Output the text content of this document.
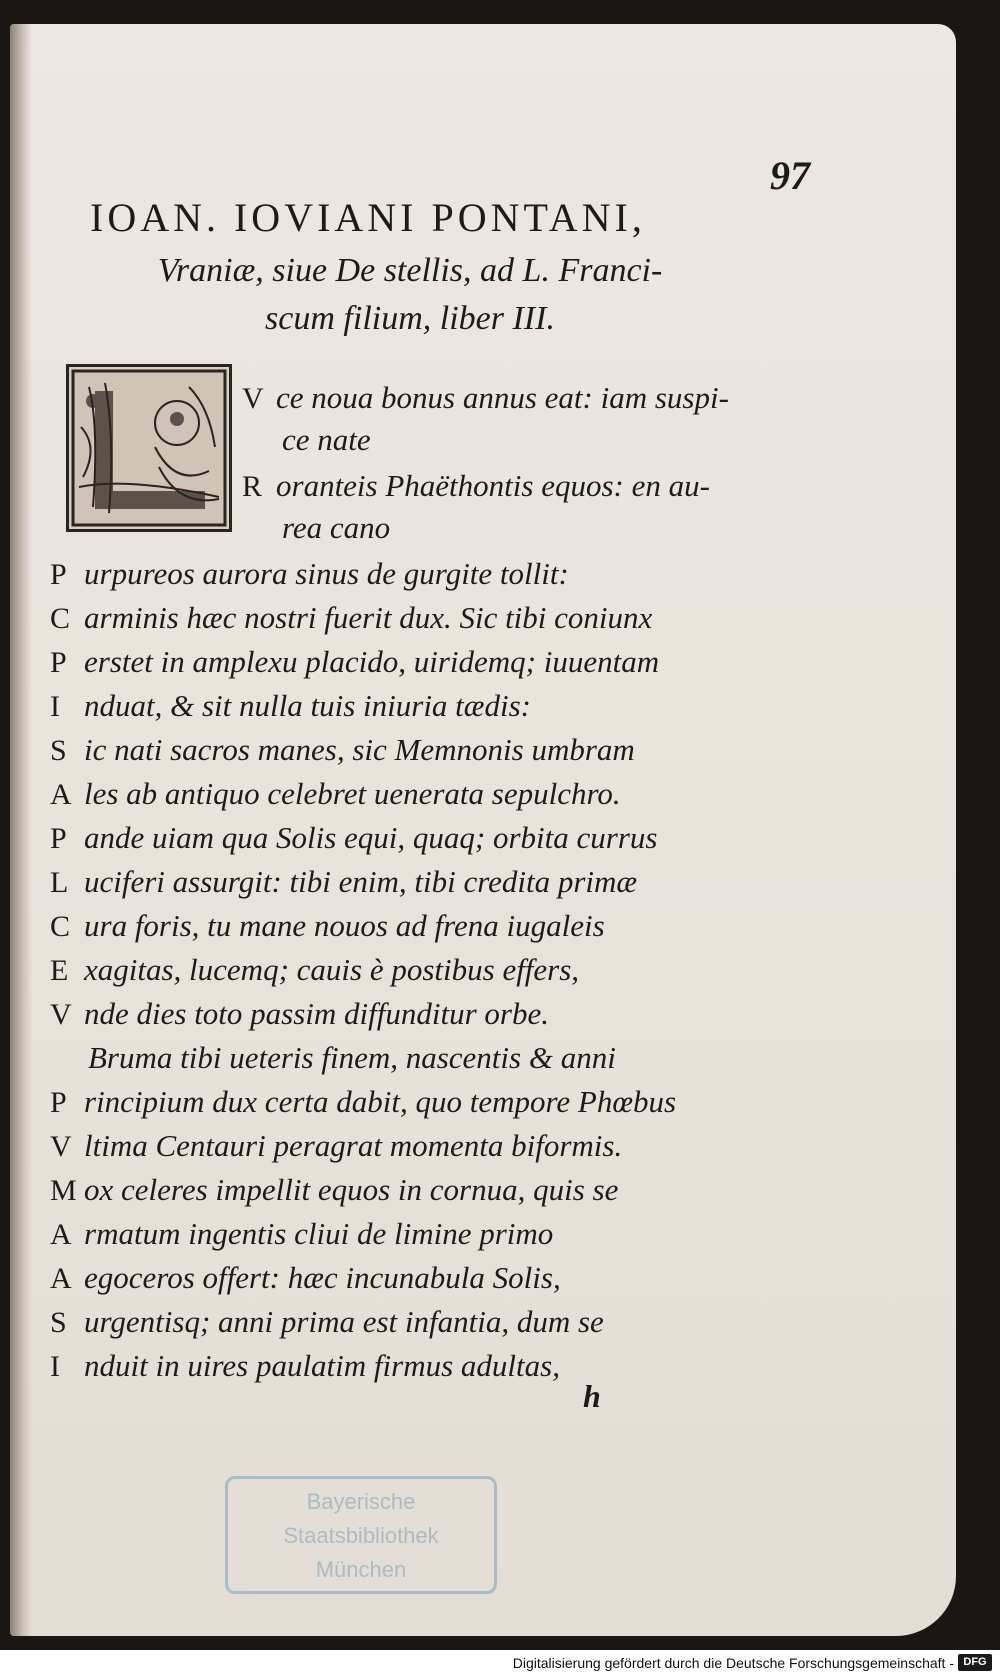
97
IOAN. IOVIANI PONTANI,
Vraniæ, siue De stellis, ad L. Franci-
scum filium, liber III.
V ce noua bonus annus eat: iam suspi-
ce nate
R oranteis Phaëthontis equos: en au-
rea cano
P urpureos aurora sinus de gurgite tollit:
C arminis hæc nostri fuerit dux. Sic tibi coniunx
P erstet in amplexu placido, uiridemq; iuuentam
I nduat, & sit nulla tuis iniuria tædis:
S ic nati sacros manes, sic Memnonis umbram
A les ab antiquo celebret uenerata sepulchro.
P ande uiam qua Solis equi, quaq; orbita currus
L uciferi assurgit: tibi enim, tibi credita primæ
C ura foris, tu mane nouos ad frena iugaleis
E xagitas, lucemq; cauis è postibus effers,
V nde dies toto passim diffunditur orbe.
Bruma tibi ueteris finem, nascentis & anni
P rincipium dux certa dabit, quo tempore Phœbus
V ltima Centauri peragrat momenta biformis.
M ox celeres impellit equos in cornua, quis se
A rmatum ingentis cliui de limine primo
A egoceros offert: hæc incunabula Solis,
S urgentisq; anni prima est infantia, dum se
I nduit in uires paulatim firmus adultas,
h
Bayerische
Staatsbibliothek
München
Digitalisierung gefördert durch die Deutsche Forschungsgemeinschaft - DFG
